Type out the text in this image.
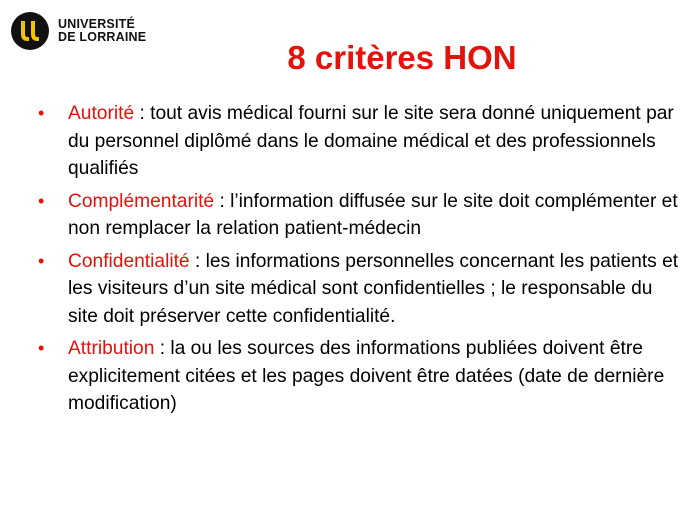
UNIVERSITÉ
DE LORRAINE
8 critères HON
• Autorité : tout avis médical fourni sur le site sera donné uniquement par du personnel diplômé dans le domaine médical et des professionnels qualifiés
• Complémentarité : l’information diffusée sur le site doit complémenter et non remplacer la relation patient-médecin
• Confidentialité : les informations personnelles concernant les patients et les visiteurs d’un site médical sont confidentielles ; le responsable du site doit préserver cette confidentialité.
• Attribution : la ou les sources des informations publiées doivent être explicitement citées et les pages doivent être datées (date de dernière modification)
